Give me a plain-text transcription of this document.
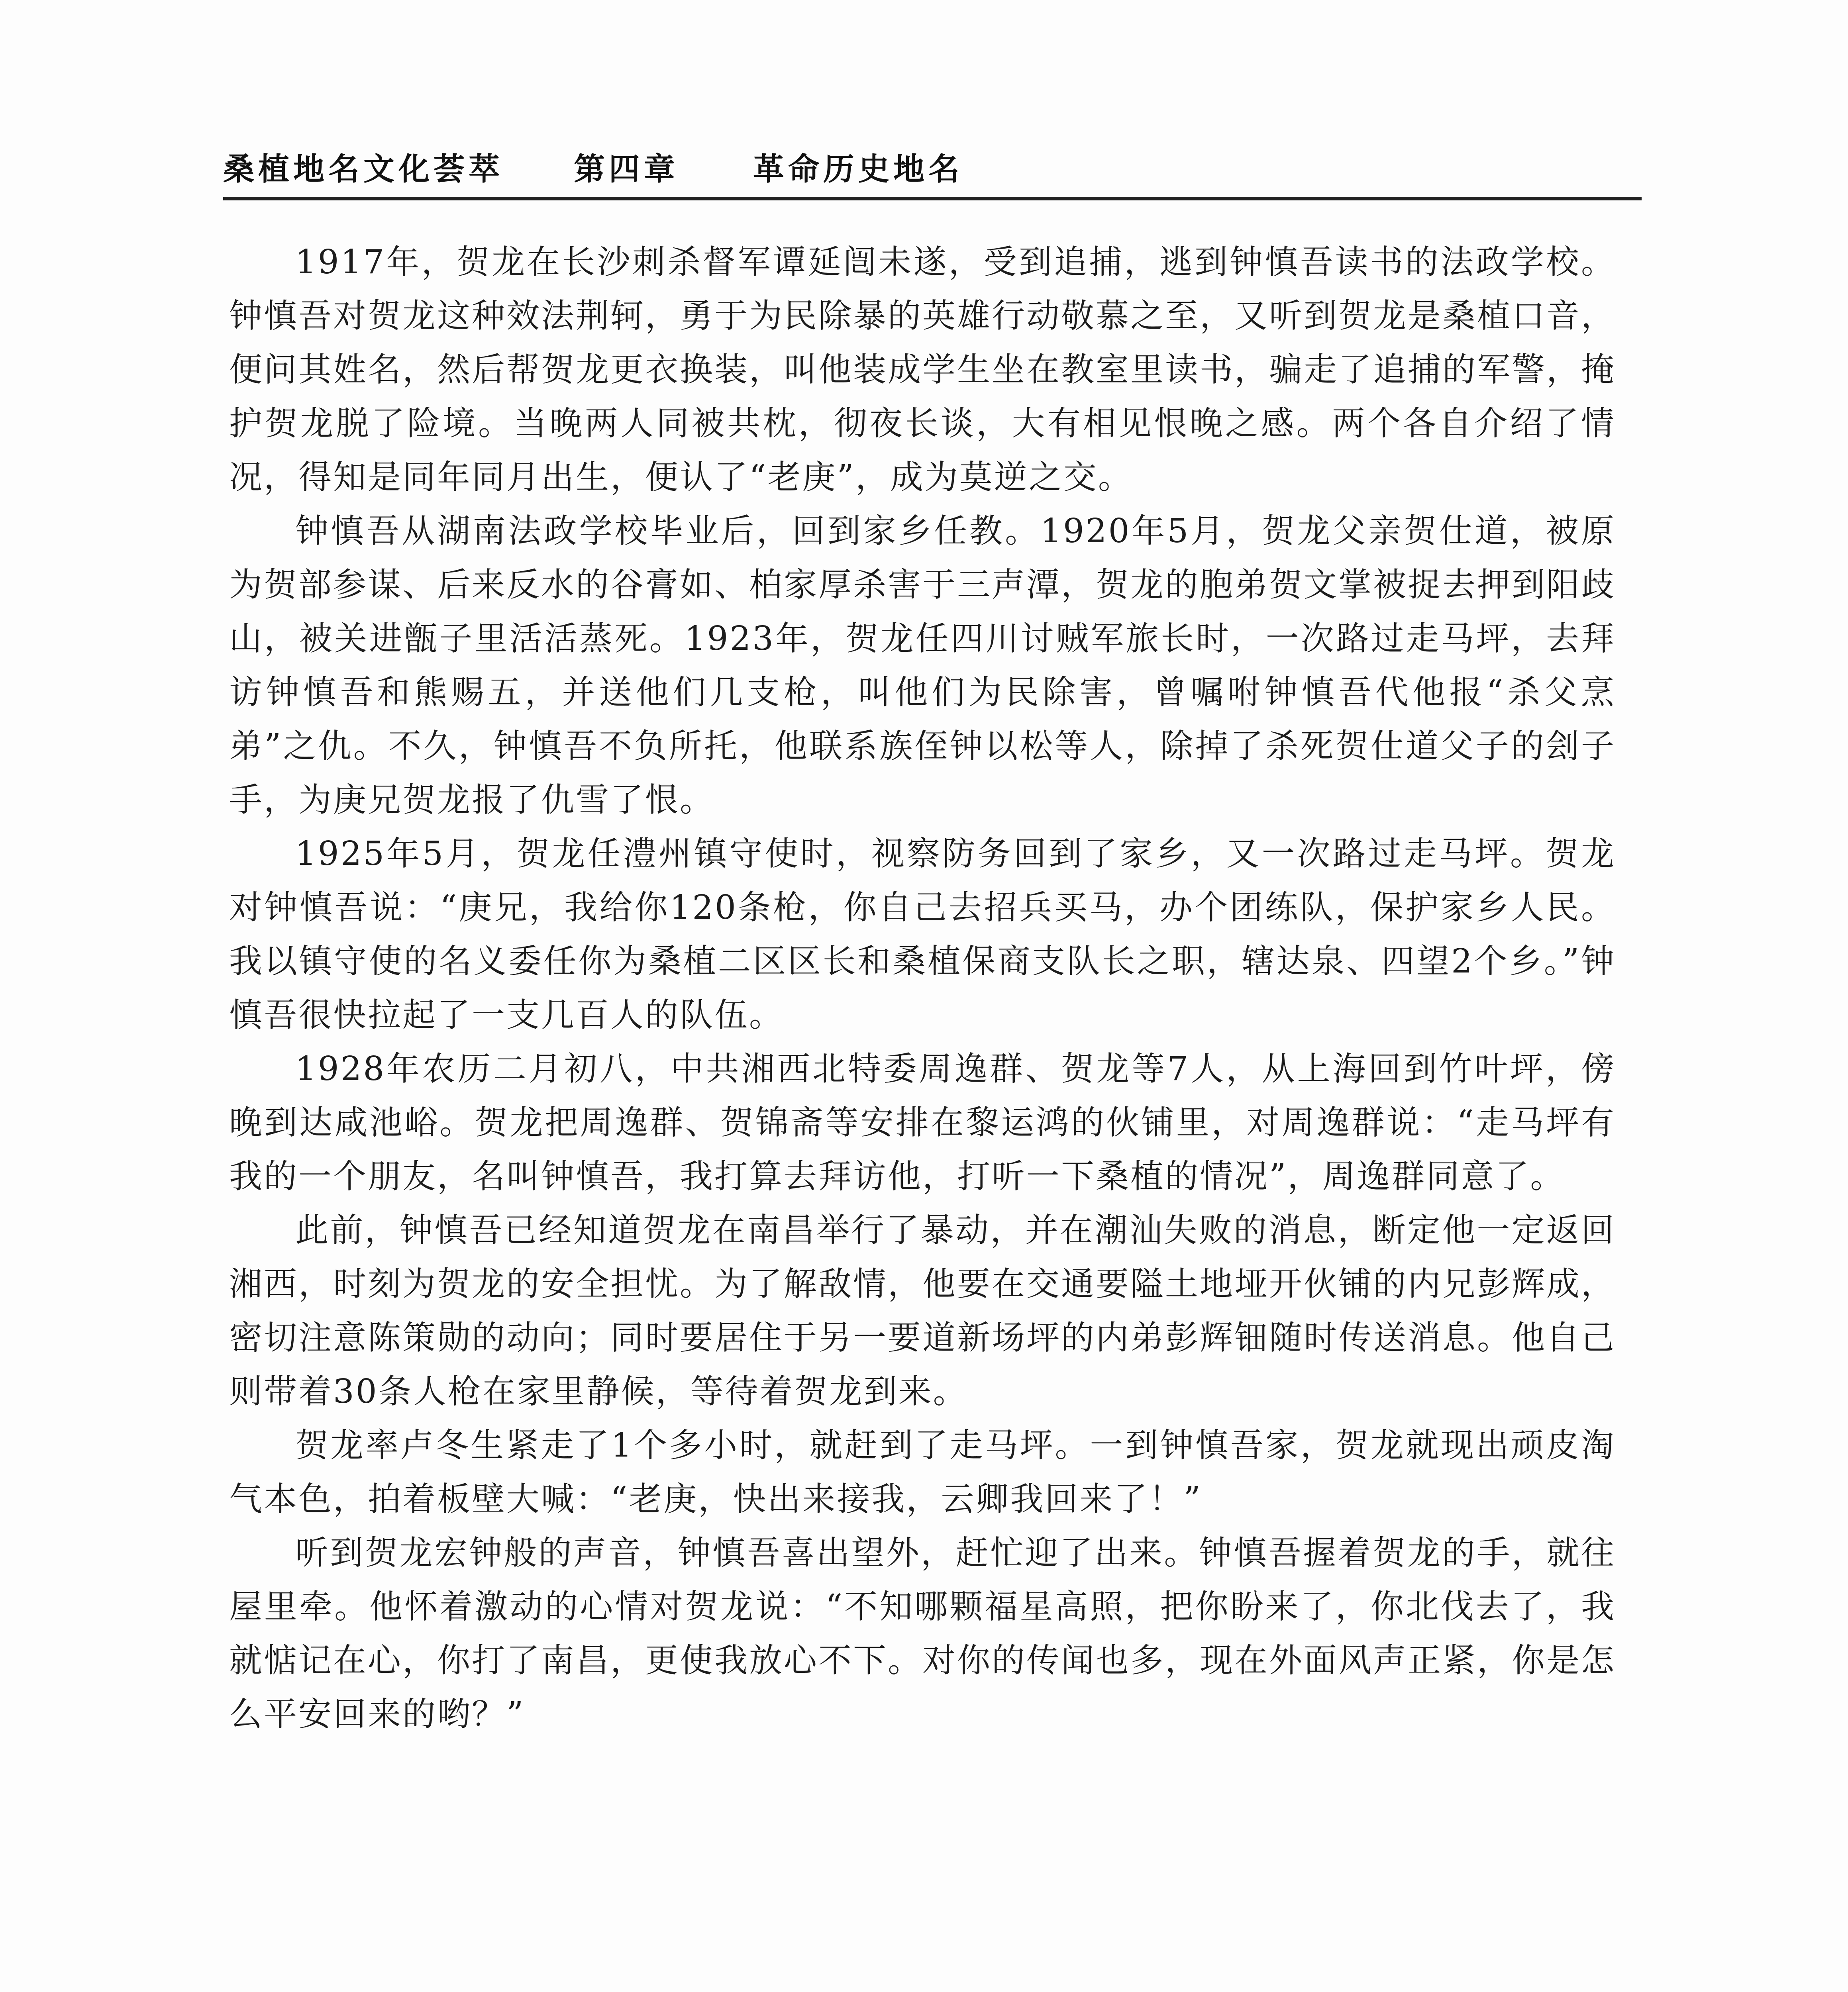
桑植地名文化荟萃 第四章 革命历史地名

1917年，贺龙在长沙刺杀督军谭延闿未遂，受到追捕，逃到钟慎吾读书的法政学校。钟慎吾对贺龙这种效法荆轲，勇于为民除暴的英雄行动敬慕之至，又听到贺龙是桑植口音，便问其姓名，然后帮贺龙更衣换装，叫他装成学生坐在教室里读书，骗走了追捕的军警，掩护贺龙脱了险境。当晚两人同被共枕，彻夜长谈，大有相见恨晚之感。两个各自介绍了情况，得知是同年同月出生，便认了“老庚”，成为莫逆之交。

钟慎吾从湖南法政学校毕业后，回到家乡任教。1920年5月，贺龙父亲贺仕道，被原为贺部参谋、后来反水的谷膏如、柏家厚杀害于三声潭，贺龙的胞弟贺文掌被捉去押到阳歧山，被关进甑子里活活蒸死。1923年，贺龙任四川讨贼军旅长时，一次路过走马坪，去拜访钟慎吾和熊赐五，并送他们几支枪，叫他们为民除害，曾嘱咐钟慎吾代他报“杀父烹弟”之仇。不久，钟慎吾不负所托，他联系族侄钟以松等人，除掉了杀死贺仕道父子的刽子手，为庚兄贺龙报了仇雪了恨。

1925年5月，贺龙任澧州镇守使时，视察防务回到了家乡，又一次路过走马坪。贺龙对钟慎吾说：“庚兄，我给你120条枪，你自己去招兵买马，办个团练队，保护家乡人民。我以镇守使的名义委任你为桑植二区区长和桑植保商支队长之职，辖达泉、四望2个乡。”钟慎吾很快拉起了一支几百人的队伍。

1928年农历二月初八，中共湘西北特委周逸群、贺龙等7人，从上海回到竹叶坪，傍晚到达咸池峪。贺龙把周逸群、贺锦斋等安排在黎运鸿的伙铺里，对周逸群说：“走马坪有我的一个朋友，名叫钟慎吾，我打算去拜访他，打听一下桑植的情况”，周逸群同意了。

此前，钟慎吾已经知道贺龙在南昌举行了暴动，并在潮汕失败的消息，断定他一定返回湘西，时刻为贺龙的安全担忧。为了解敌情，他要在交通要隘土地垭开伙铺的内兄彭辉成，密切注意陈策勋的动向；同时要居住于另一要道新场坪的内弟彭辉钿随时传送消息。他自己则带着30条人枪在家里静候，等待着贺龙到来。

贺龙率卢冬生紧走了1个多小时，就赶到了走马坪。一到钟慎吾家，贺龙就现出顽皮淘气本色，拍着板壁大喊：“老庚，快出来接我，云卿我回来了！”

听到贺龙宏钟般的声音，钟慎吾喜出望外，赶忙迎了出来。钟慎吾握着贺龙的手，就往屋里牵。他怀着激动的心情对贺龙说：“不知哪颗福星高照，把你盼来了，你北伐去了，我就惦记在心，你打了南昌，更使我放心不下。对你的传闻也多，现在外面风声正紧，你是怎么平安回来的哟？”
